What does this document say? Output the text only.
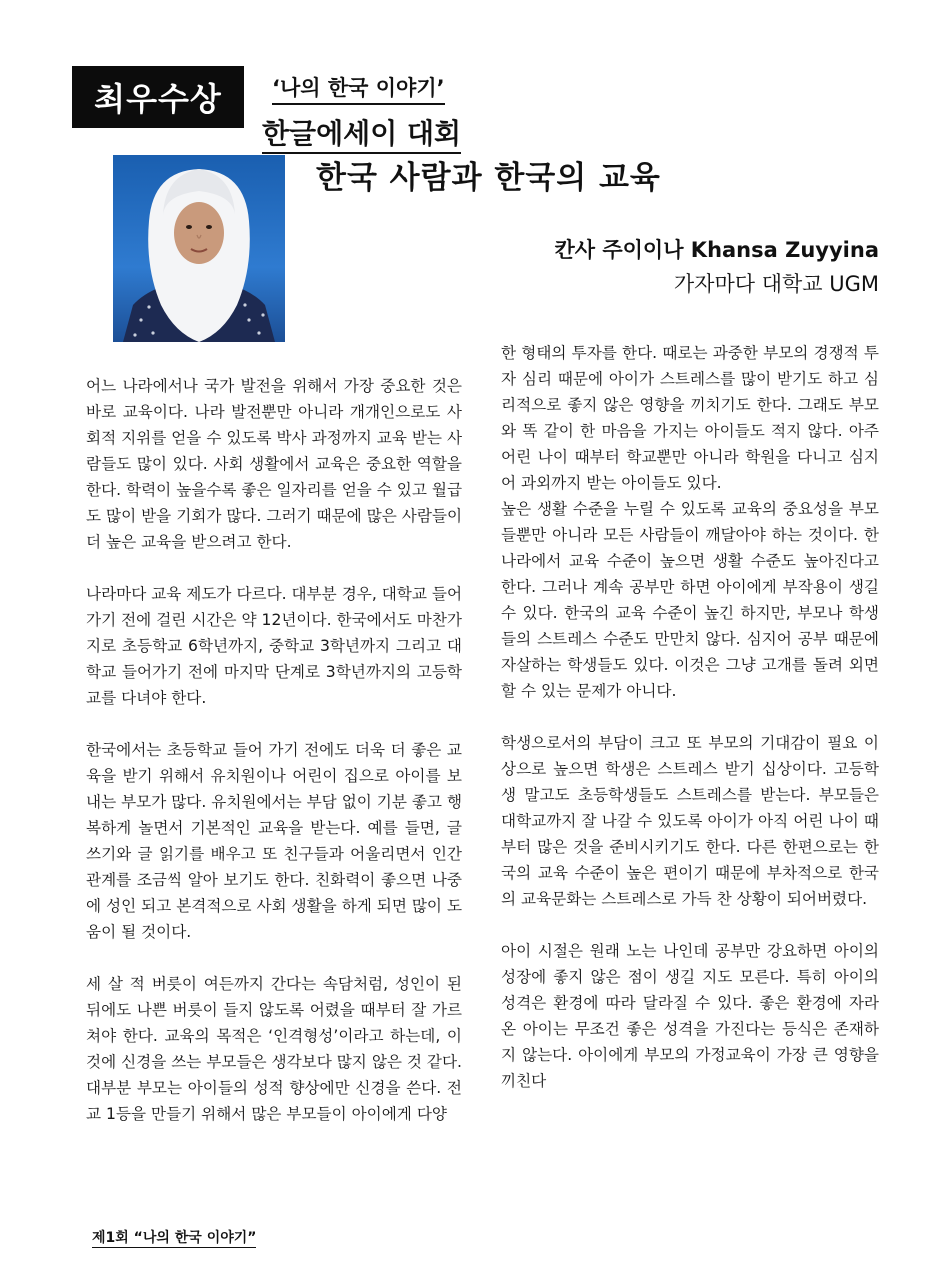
최우수상	‘나의 한국 이야기’
한글에세이 대회
한국 사람과 한국의 교육
칸사 주이이나 Khansa Zuyyina
가자마다 대학교 UGM

어느 나라에서나 국가 발전을 위해서 가장 중요한 것은 바로 교육이다. 나라 발전뿐만 아니라 개개인으로도 사회적 지위를 얻을 수 있도록 박사 과정까지 교육 받는 사람들도 많이 있다. 사회 생활에서 교육은 중요한 역할을 한다. 학력이 높을수록 좋은 일자리를 얻을 수 있고 월급도 많이 받을 기회가 많다. 그러기 때문에 많은 사람들이 더 높은 교육을 받으려고 한다.

나라마다 교육 제도가 다르다. 대부분 경우, 대학교 들어가기 전에 걸린 시간은 약 12년이다. 한국에서도 마찬가지로 초등학교 6학년까지, 중학교 3학년까지 그리고 대학교 들어가기 전에 마지막 단계로 3학년까지의 고등학교를 다녀야 한다.

한국에서는 초등학교 들어 가기 전에도 더욱 더 좋은 교육을 받기 위해서 유치원이나 어린이 집으로 아이를 보내는 부모가 많다. 유치원에서는 부담 없이 기분 좋고 행복하게 놀면서 기본적인 교육을 받는다. 예를 들면, 글 쓰기와 글 읽기를 배우고 또 친구들과 어울리면서 인간 관계를 조금씩 알아 보기도 한다. 친화력이 좋으면 나중에 성인 되고 본격적으로 사회 생활을 하게 되면 많이 도움이 될 것이다.

세 살 적 버릇이 여든까지 간다는 속담처럼, 성인이 된 뒤에도 나쁜 버릇이 들지 않도록 어렸을 때부터 잘 가르쳐야 한다. 교육의 목적은 ‘인격형성’이라고 하는데, 이것에 신경을 쓰는 부모들은 생각보다 많지 않은 것 같다. 대부분 부모는 아이들의 성적 향상에만 신경을 쓴다. 전교 1등을 만들기 위해서 많은 부모들이 아이에게 다양

한 형태의 투자를 한다. 때로는 과중한 부모의 경쟁적 투자 심리 때문에 아이가 스트레스를 많이 받기도 하고 심리적으로 좋지 않은 영향을 끼치기도 한다. 그래도 부모와 똑 같이 한 마음을 가지는 아이들도 적지 않다. 아주 어린 나이 때부터 학교뿐만 아니라 학원을 다니고 심지어 과외까지 받는 아이들도 있다.

높은 생활 수준을 누릴 수 있도록 교육의 중요성을 부모들뿐만 아니라 모든 사람들이 깨달아야 하는 것이다. 한 나라에서 교육 수준이 높으면 생활 수준도 높아진다고 한다. 그러나 계속 공부만 하면 아이에게 부작용이 생길 수 있다. 한국의 교육 수준이 높긴 하지만, 부모나 학생들의 스트레스 수준도 만만치 않다. 심지어 공부 때문에 자살하는 학생들도 있다. 이것은 그냥 고개를 돌려 외면 할 수 있는 문제가 아니다.

학생으로서의 부담이 크고 또 부모의 기대감이 필요 이상으로 높으면 학생은 스트레스 받기 십상이다. 고등학생 말고도 초등학생들도 스트레스를 받는다. 부모들은 대학교까지 잘 나갈 수 있도록 아이가 아직 어린 나이 때부터 많은 것을 준비시키기도 한다. 다른 한편으로는 한국의 교육 수준이 높은 편이기 때문에 부차적으로 한국의 교육문화는 스트레스로 가득 찬 상황이 되어버렸다.

아이 시절은 원래 노는 나인데 공부만 강요하면 아이의 성장에 좋지 않은 점이 생길 지도 모른다. 특히 아이의 성격은 환경에 따라 달라질 수 있다. 좋은 환경에 자라 온 아이는 무조건 좋은 성격을 가진다는 등식은 존재하지 않는다. 아이에게 부모의 가정교육이 가장 큰 영향을 끼친다

제1회 “나의 한국 이야기”
